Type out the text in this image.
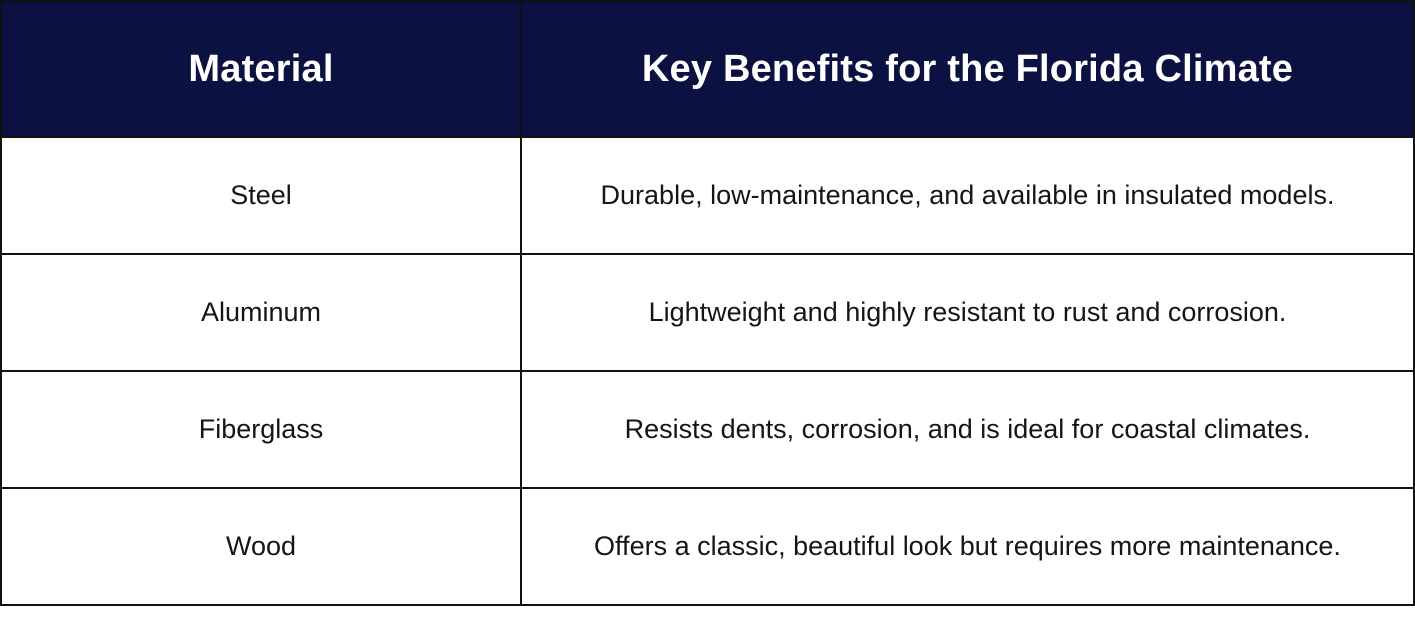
Material	Key Benefits for the Florida Climate
Steel	Durable, low-maintenance, and available in insulated models.
Aluminum	Lightweight and highly resistant to rust and corrosion.
Fiberglass	Resists dents, corrosion, and is ideal for coastal climates.
Wood	Offers a classic, beautiful look but requires more maintenance.
